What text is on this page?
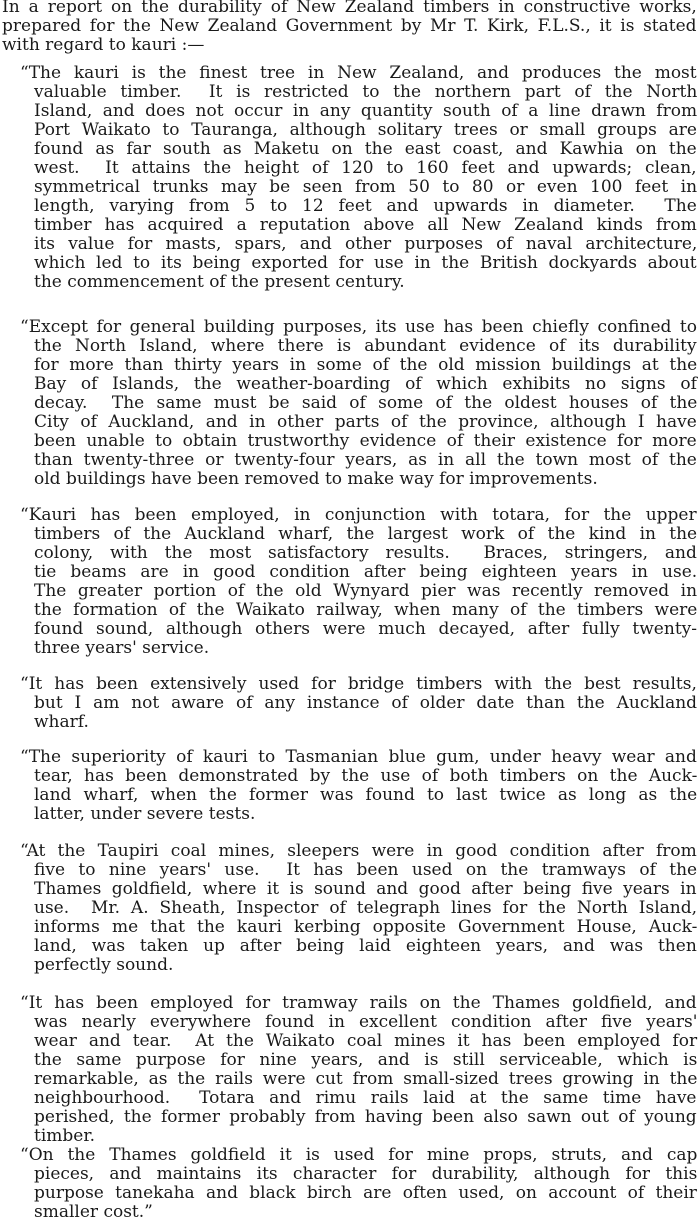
In a report on the durability of New Zealand timbers in constructive works,
prepared for the New Zealand Government by Mr T. Kirk, F.L.S., it is stated
with regard to kauri :—
“The kauri is the finest tree in New Zealand, and produces the most
valuable timber.  It is restricted to the northern part of the North
Island, and does not occur in any quantity south of a line drawn from
Port Waikato to Tauranga, although solitary trees or small groups are
found as far south as Maketu on the east coast, and Kawhia on the
west.  It attains the height of 120 to 160 feet and upwards; clean,
symmetrical trunks may be seen from 50 to 80 or even 100 feet in
length, varying from 5 to 12 feet and upwards in diameter.  The
timber has acquired a reputation above all New Zealand kinds from
its value for masts, spars, and other purposes of naval architecture,
which led to its being exported for use in the British dockyards about
the commencement of the present century.
“Except for general building purposes, its use has been chiefly confined to
the North Island, where there is abundant evidence of its durability
for more than thirty years in some of the old mission buildings at the
Bay of Islands, the weather-boarding of which exhibits no signs of
decay.  The same must be said of some of the oldest houses of the
City of Auckland, and in other parts of the province, although I have
been unable to obtain trustworthy evidence of their existence for more
than twenty-three or twenty-four years, as in all the town most of the
old buildings have been removed to make way for improvements.
“Kauri has been employed, in conjunction with totara, for the upper
timbers of the Auckland wharf, the largest work of the kind in the
colony, with the most satisfactory results.  Braces, stringers, and
tie beams are in good condition after being eighteen years in use.
The greater portion of the old Wynyard pier was recently removed in
the formation of the Waikato railway, when many of the timbers were
found sound, although others were much decayed, after fully twenty-
three years' service.
“It has been extensively used for bridge timbers with the best results,
but I am not aware of any instance of older date than the Auckland
wharf.
“The superiority of kauri to Tasmanian blue gum, under heavy wear and
tear, has been demonstrated by the use of both timbers on the Auck-
land wharf, when the former was found to last twice as long as the
latter, under severe tests.
“At the Taupiri coal mines, sleepers were in good condition after from
five to nine years' use.  It has been used on the tramways of the
Thames goldfield, where it is sound and good after being five years in
use.  Mr. A. Sheath, Inspector of telegraph lines for the North Island,
informs me that the kauri kerbing opposite Government House, Auck-
land, was taken up after being laid eighteen years, and was then
perfectly sound.
“It has been employed for tramway rails on the Thames goldfield, and
was nearly everywhere found in excellent condition after five years'
wear and tear.  At the Waikato coal mines it has been employed for
the same purpose for nine years, and is still serviceable, which is
remarkable, as the rails were cut from small-sized trees growing in the
neighbourhood.  Totara and rimu rails laid at the same time have
perished, the former probably from having been also sawn out of young
timber.
“On the Thames goldfield it is used for mine props, struts, and cap
pieces, and maintains its character for durability, although for this
purpose tanekaha and black birch are often used, on account of their
smaller cost.”
